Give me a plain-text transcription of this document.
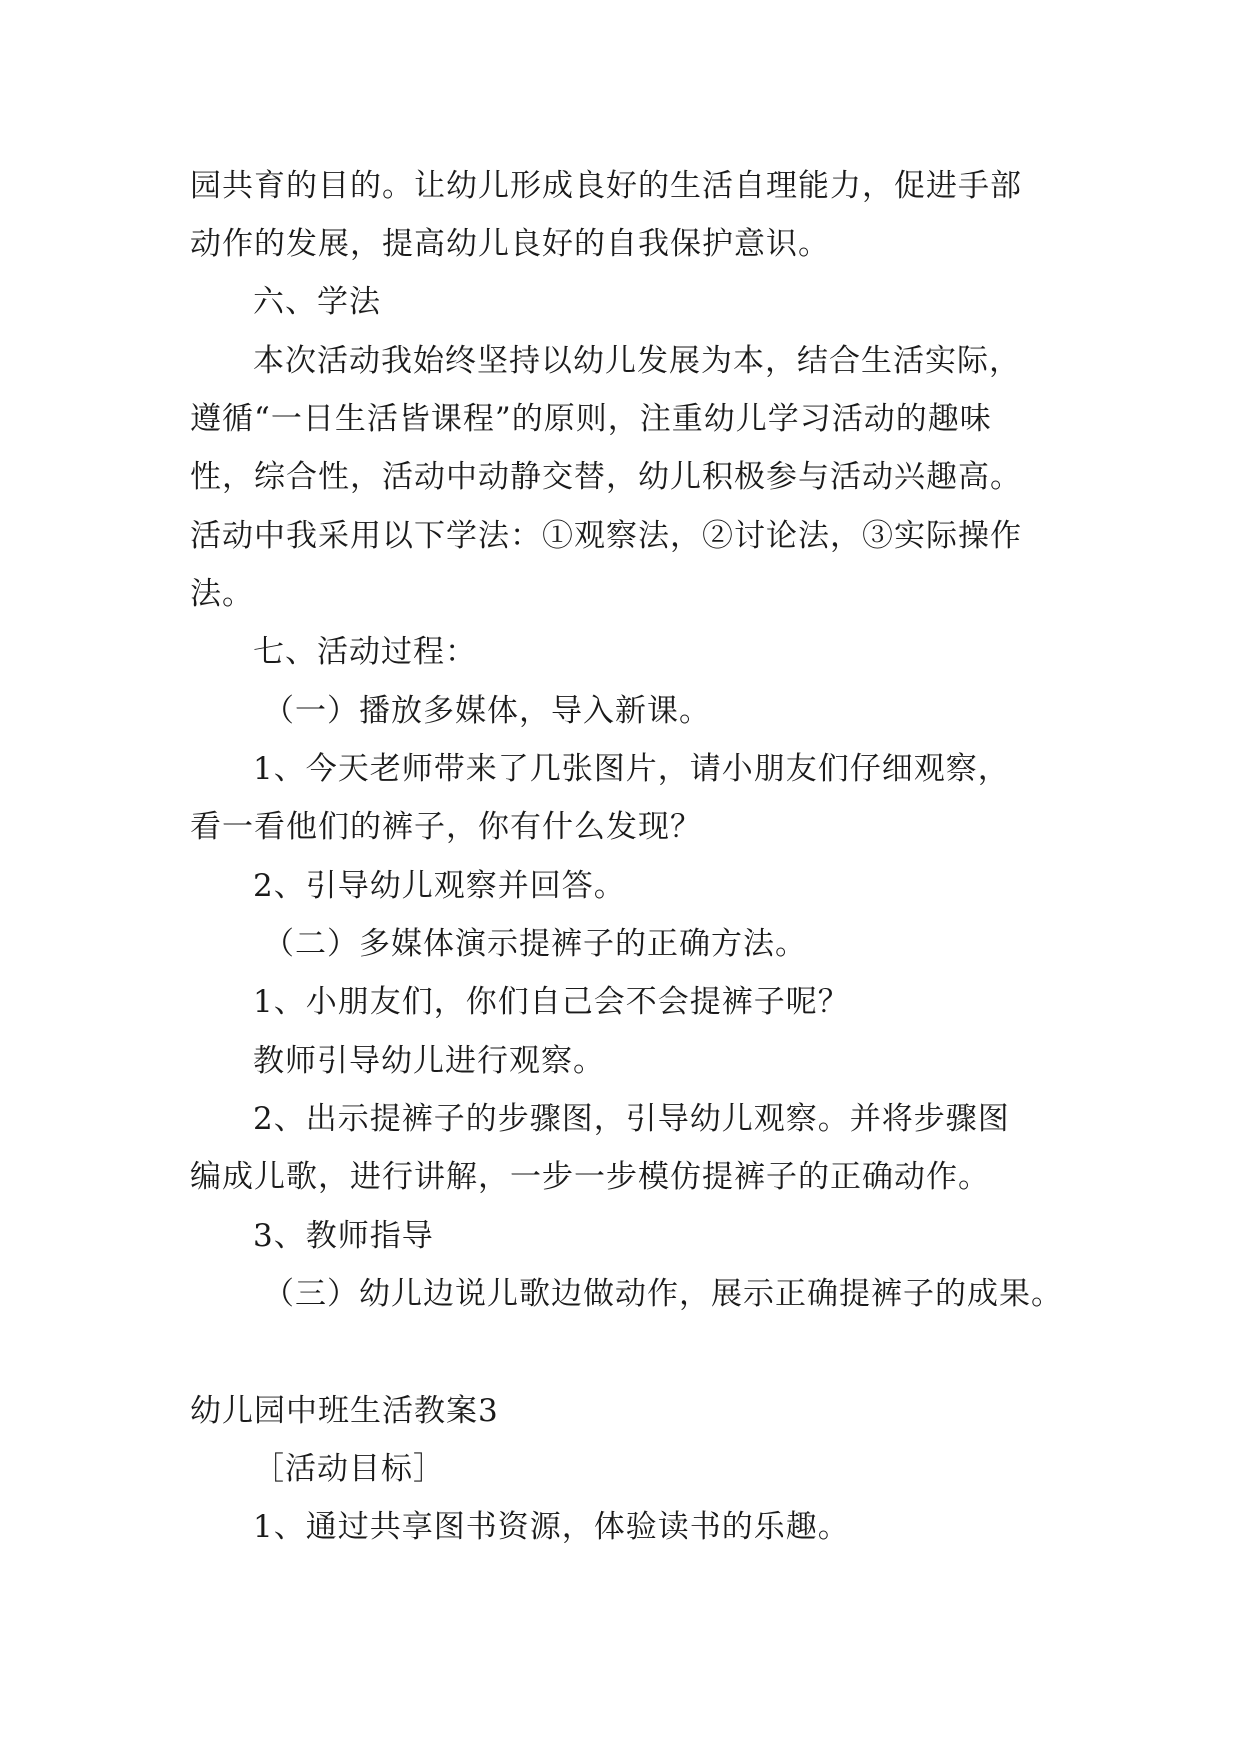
园共育的目的。让幼儿形成良好的生活自理能力，促进手部

动作的发展，提高幼儿良好的自我保护意识。

六、学法

本次活动我始终坚持以幼儿发展为本，结合生活实际，

遵循“一日生活皆课程”的原则，注重幼儿学习活动的趣味

性，综合性，活动中动静交替，幼儿积极参与活动兴趣高。

活动中我采用以下学法：①观察法，②讨论法，③实际操作

法。

七、活动过程：

（一）播放多媒体，导入新课。

1、今天老师带来了几张图片，请小朋友们仔细观察，

看一看他们的裤子，你有什么发现？

2、引导幼儿观察并回答。

（二）多媒体演示提裤子的正确方法。

1、小朋友们，你们自己会不会提裤子呢？

教师引导幼儿进行观察。

2、出示提裤子的步骤图，引导幼儿观察。并将步骤图

编成儿歌，进行讲解，一步一步模仿提裤子的正确动作。

3、教师指导

（三）幼儿边说儿歌边做动作，展示正确提裤子的成果。

幼儿园中班生活教案3

［活动目标］

1、通过共享图书资源，体验读书的乐趣。
